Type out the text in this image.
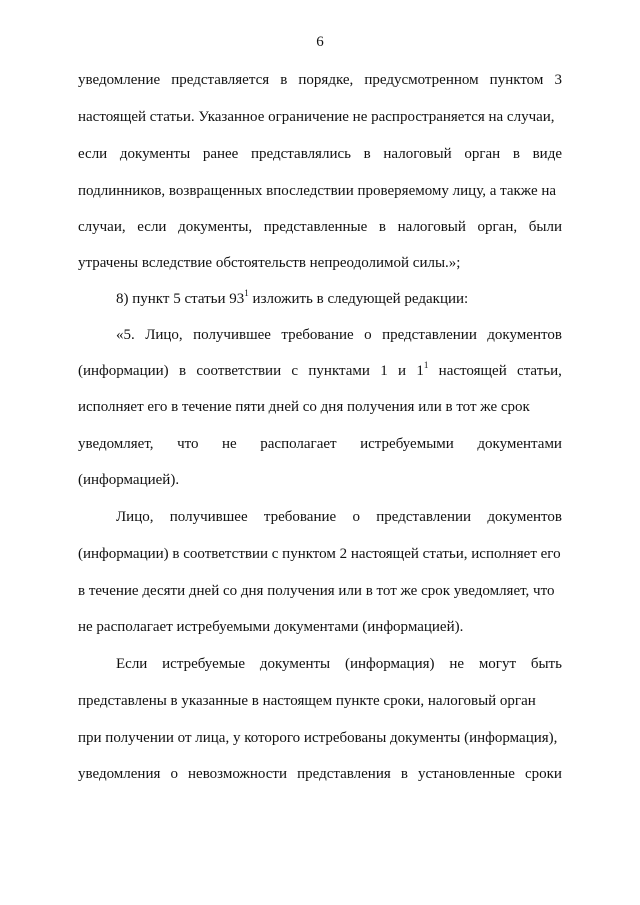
6
уведомление представляется в порядке, предусмотренном пунктом 3
настоящей статьи. Указанное ограничение не распространяется на случаи,
если документы ранее представлялись в налоговый орган в виде
подлинников, возвращенных впоследствии проверяемому лицу, а также на
случаи, если документы, представленные в налоговый орган, были
утрачены вследствие обстоятельств непреодолимой силы.»;
8) пункт 5 статьи $93^1$ изложить в следующей редакции:
«5. Лицо, получившее требование о представлении документов
(информации) в соответствии с пунктами 1 и $1^1$ настоящей статьи,
исполняет его в течение пяти дней со дня получения или в тот же срок
уведомляет, что не располагает истребуемыми документами
(информацией).
Лицо, получившее требование о представлении документов
(информации) в соответствии с пунктом 2 настоящей статьи, исполняет его
в течение десяти дней со дня получения или в тот же срок уведомляет, что
не располагает истребуемыми документами (информацией).
Если истребуемые документы (информация) не могут быть
представлены в указанные в настоящем пункте сроки, налоговый орган
при получении от лица, у которого истребованы документы (информация),
уведомления о невозможности представления в установленные сроки
